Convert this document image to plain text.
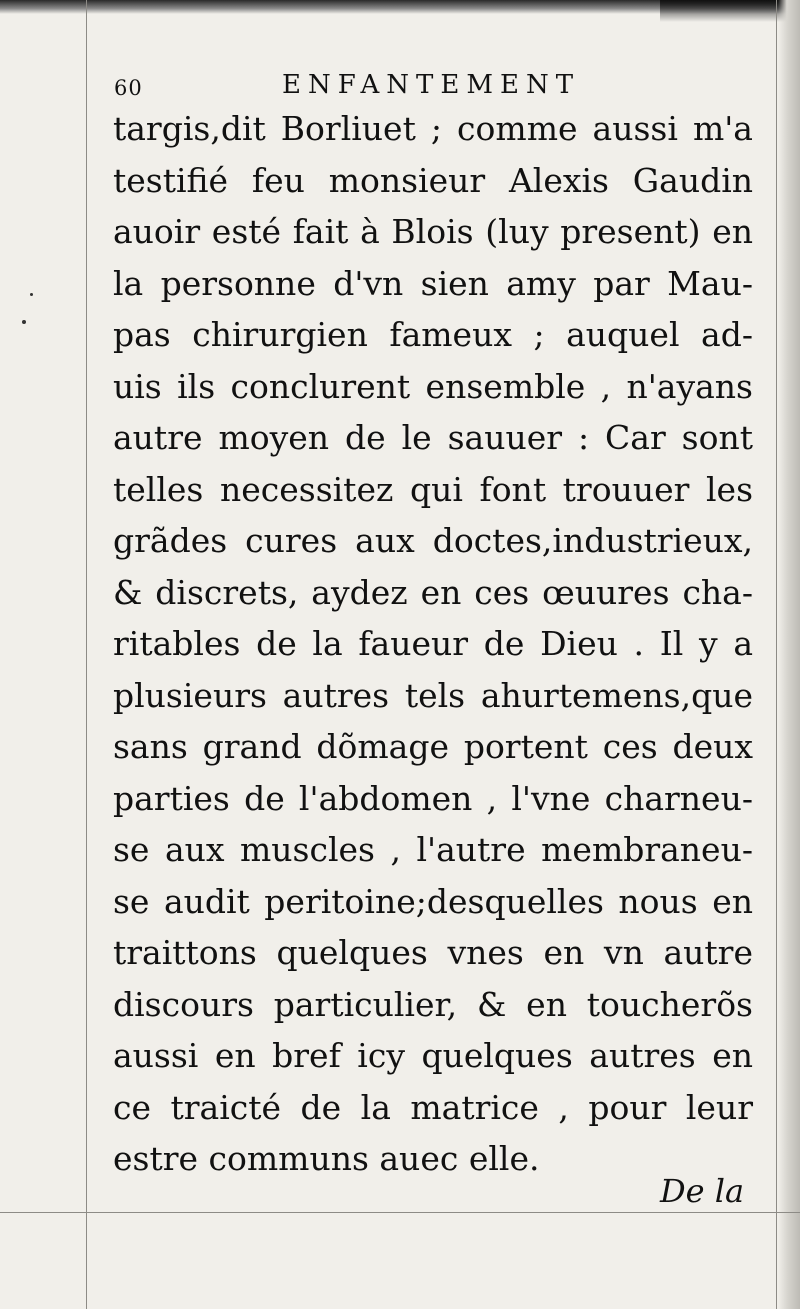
60	ENFANTEMENT
targis,dit Borliuet ; comme aussi m'a
testifié feu monsieur Alexis Gaudin
auoir esté fait à Blois (luy present) en
la personne d'vn sien amy par Mau-
pas chirurgien fameux ; auquel ad-
uis ils conclurent ensemble , n'ayans
autre moyen de le sauuer : Car sont
telles necessitez qui font trouuer les
grãdes cures aux doctes,industrieux,
& discrets, aydez en ces œuures cha-
ritables de la faueur de Dieu . Il y a
plusieurs autres tels ahurtemens,que
sans grand dõmage portent ces deux
parties de l'abdomen , l'vne charneu-
se aux muscles , l'autre membraneu-
se audit peritoine;desquelles nous en
traittons quelques vnes en vn autre
discours particulier, & en toucherõs
aussi en bref icy quelques autres en
ce traicté de la matrice , pour leur
estre communs auec elle.
De la
